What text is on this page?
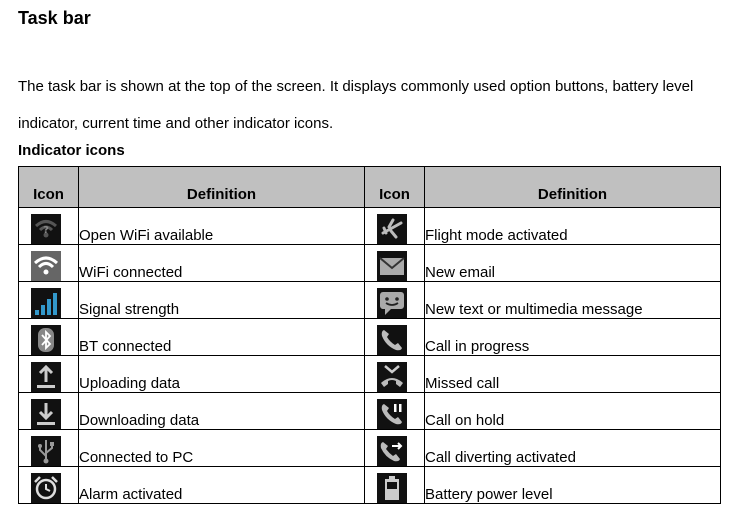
Task bar

The task bar is shown at the top of the screen. It displays commonly used option buttons, battery level indicator, current time and other indicator icons.

Indicator icons
Icon	Definition	Icon	Definition

?	Open WiFi available		Flight mode activated

	WiFi connected		New email

	Signal strength		New text or multimedia message

	BT connected		Call in progress

	Uploading data		Missed call

	Downloading data		Call on hold

	Connected to PC		Call diverting activated

	Alarm activated		Battery power level
